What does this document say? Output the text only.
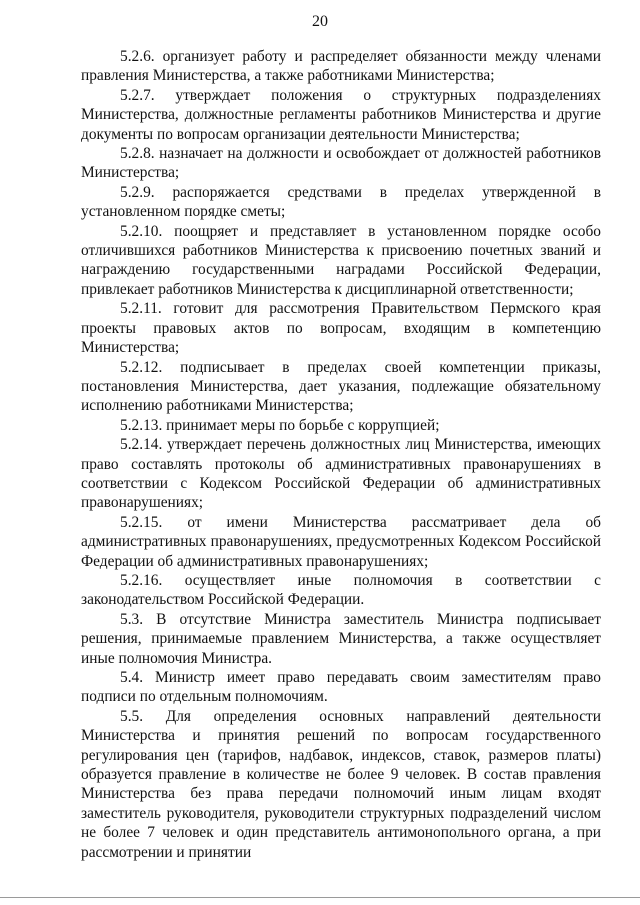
20

5.2.6. организует работу и распределяет обязанности между членами правления Министерства, а также работниками Министерства;

5.2.7. утверждает положения о структурных подразделениях Министерства, должностные регламенты работников Министерства и другие документы по вопросам организации деятельности Министерства;

5.2.8. назначает на должности и освобождает от должностей работников Министерства;

5.2.9. распоряжается средствами в пределах утвержденной в установленном порядке сметы;

5.2.10. поощряет и представляет в установленном порядке особо отличившихся работников Министерства к присвоению почетных званий и награждению государственными наградами Российской Федерации, привлекает работников Министерства к дисциплинарной ответственности;

5.2.11. готовит для рассмотрения Правительством Пермского края проекты правовых актов по вопросам, входящим в компетенцию Министерства;

5.2.12. подписывает в пределах своей компетенции приказы, постановления Министерства, дает указания, подлежащие обязательному исполнению работниками Министерства;

5.2.13. принимает меры по борьбе с коррупцией;

5.2.14. утверждает перечень должностных лиц Министерства, имеющих право составлять протоколы об административных правонарушениях в соответствии с Кодексом Российской Федерации об административных правонарушениях;

5.2.15. от имени Министерства рассматривает дела об административных правонарушениях, предусмотренных Кодексом Российской Федерации об административных правонарушениях;

5.2.16. осуществляет иные полномочия в соответствии с законодательством Российской Федерации.

5.3. В отсутствие Министра заместитель Министра подписывает решения, принимаемые правлением Министерства, а также осуществляет иные полномочия Министра.

5.4. Министр имеет право передавать своим заместителям право подписи по отдельным полномочиям.

5.5. Для определения основных направлений деятельности Министерства и принятия решений по вопросам государственного регулирования цен (тарифов, надбавок, индексов, ставок, размеров платы) образуется правление в количестве не более 9 человек. В состав правления Министерства без права передачи полномочий иным лицам входят заместитель руководителя, руководители структурных подразделений числом не более 7 человек и один представитель антимонопольного органа, а при рассмотрении и принятии
